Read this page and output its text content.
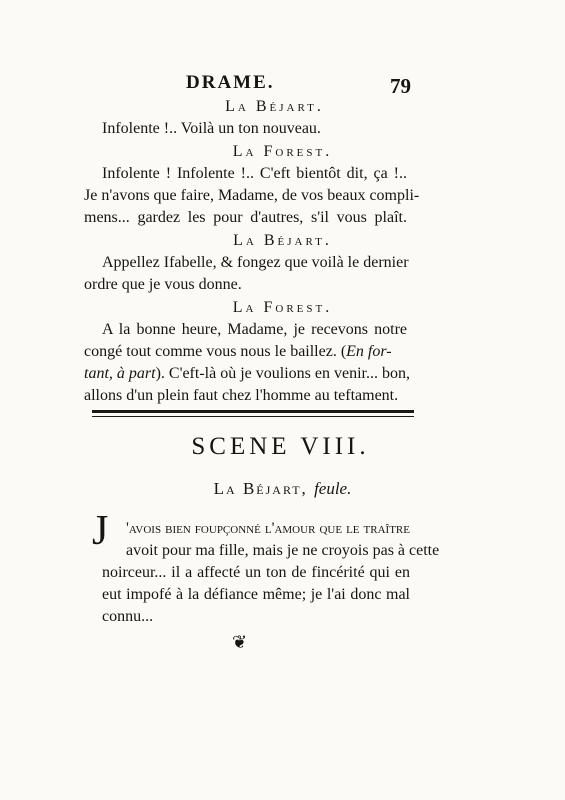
DRAME.	79
La Béjart.
Infolente !.. Voilà un ton nouveau.
La Forest.
Infolente ! Infolente !.. C'eft bientôt dit, ça !..
Je n'avons que faire, Madame, de vos beaux compli-
mens... gardez les pour d'autres, s'il vous plaît.
La Béjart.
Appellez Ifabelle, & fongez que voilà le dernier
ordre que je vous donne.
La Forest.
A la bonne heure, Madame, je recevons notre
congé tout comme vous nous le baillez. (En for-
tant, à part). C'eft-là où je voulions en venir... bon,
allons d'un plein faut chez l'homme au teftament.
SCENE VIII.
La Béjart, feule.
J 'avois bien foupçonné l'amour que le traître
avoit pour ma fille, mais je ne croyois pas à cette
noirceur... il a affecté un ton de fincérité qui en
eut impofé à la défiance même; je l'ai donc mal
connu...
❦
